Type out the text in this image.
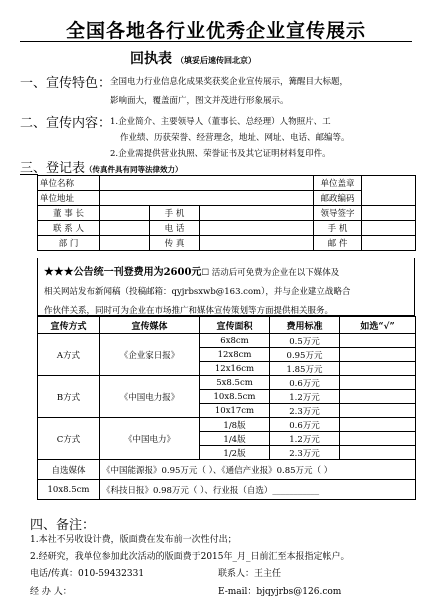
全国各地各行业优秀企业宣传展示
回执表 （填妥后速传回北京）
一、宣传特色：
全国电力行业信息化成果奖获奖企业宣传展示，篝醒目大标题，
影响面大，覆盖面广，图文并茂进行形象展示。
二、宣传内容：
1.企业简介、主要领导人（董事长、总经理）人物照片、工
作业绩、历获荣誉、经营理念，地址、网址、电话、邮编等。
2.企业需提供营业执照、荣誉证书及其它证明材料复印件。
三、登记表（传真件具有同等法律效力）
单位名称				单位盖章	
单位地址				邮政编码	
董 事 长		手 机		领导签字	
联 系 人		电 话		手 机	
部 门		传 真		邮 件	
★★★公告统一刊登费用为2600元☐ 活动后可免费为企业在以下媒体及
相关网站发布新闻稿（投稿邮箱：qyjrbsxwb@163.com），并与企业建立战略合
作伙伴关系，同时可为企业在市场推广和媒体宣传策划等方面提供相关服务。
宣传方式	宣传媒体	宣传面积	费用标准	如选“√”
A方式	《企业家日报》	6x8cm	0.5万元	
		12x8cm	0.95万元	
		12x16cm	1.85万元	
B方式	《中国电力报》	5x8.5cm	0.6万元	
		10x8.5cm	1.2万元	
		10x17cm	2.3万元	
C方式	《中国电力》	1/8版	0.6万元	
		1/4版	1.2万元	
		1/2版	2.3万元	
自选媒体	《中国能源报》0.95万元（ ）、《通信产业报》0.85万元（ ）			
10x8.5cm	《科技日报》0.98万元（ ）、行业报（自选）___________			
四、备注：
1.本社不另收设计费，版面费在发布前一次性付出；
2.经研究，我单位参加此次活动的版面费于2015年_月_日前汇至本报指定帐户。
电话/传真：010-59432331	联系人：王主任
经 办 人：	E-mail：bjqyjrbs@126.com
